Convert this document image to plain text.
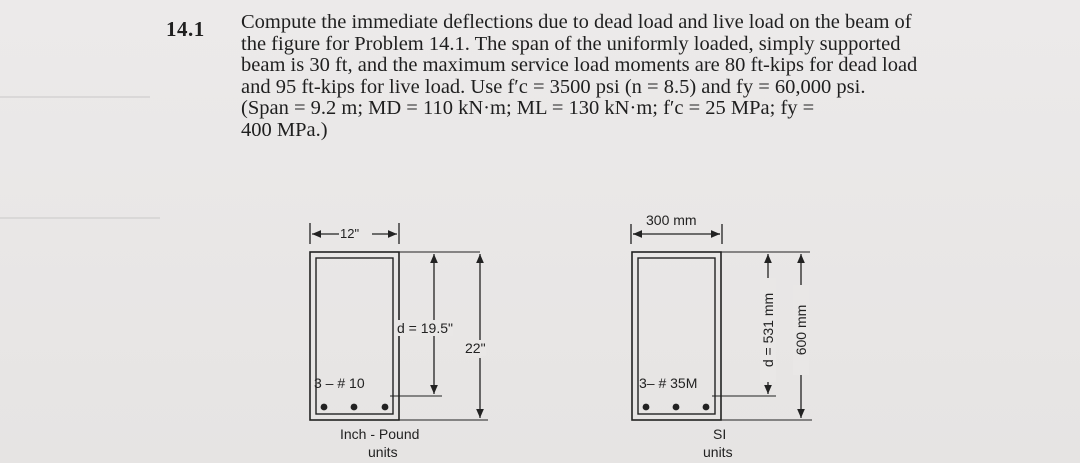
14.1 Compute the immediate deflections due to dead load and live load on the beam of
the figure for Problem 14.1. The span of the uniformly loaded, simply supported
beam is 30 ft, and the maximum service load moments are 80 ft-kips for dead load
and 95 ft-kips for live load. Use f′c = 3500 psi (n = 8.5) and fy = 60,000 psi.
(Span = 9.2 m; MD = 110 kN·m; ML = 130 kN·m; f′c = 25 MPa; fy =
400 MPa.)
12"
d = 19.5"
22"
3 – # 10
Inch - Pound
units
300 mm
3– # 35M
SI
units
d = 531 mm 600 mm
